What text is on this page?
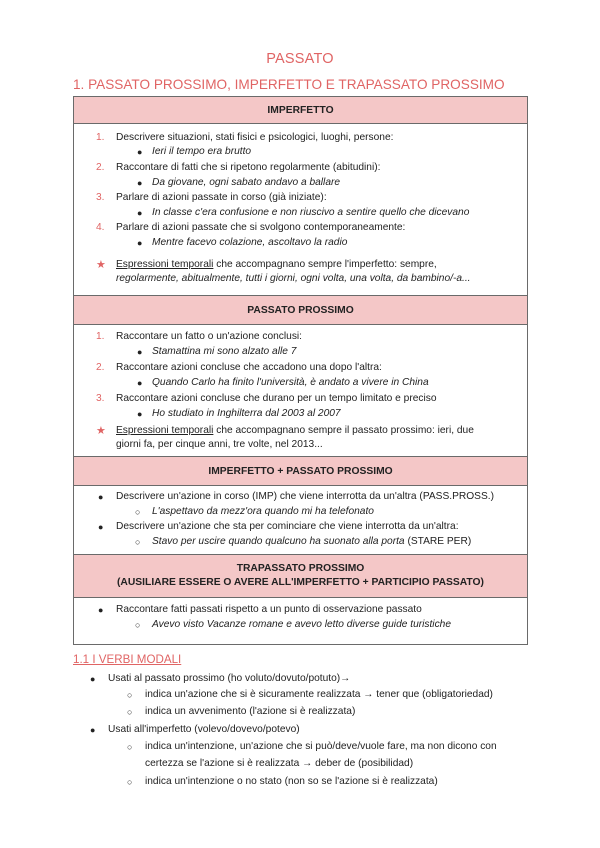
PASSATO
1. PASSATO PROSSIMO, IMPERFETTO E TRAPASSATO PROSSIMO
IMPERFETTO
1. Descrivere situazioni, stati fisici e psicologici, luoghi, persone:
● Ieri il tempo era brutto
2. Raccontare di fatti che si ripetono regolarmente (abitudini):
● Da giovane, ogni sabato andavo a ballare
3. Parlare di azioni passate in corso (già iniziate):
● In classe c'era confusione e non riuscivo a sentire quello che dicevano
4. Parlare di azioni passate che si svolgono contemporaneamente:
● Mentre facevo colazione, ascoltavo la radio
★ Espressioni temporali che accompagnano sempre l'imperfetto: sempre,
regolarmente, abitualmente, tutti i giorni, ogni volta, una volta, da bambino/-a...
PASSATO PROSSIMO
1. Raccontare un fatto o un'azione conclusi:
● Stamattina mi sono alzato alle 7
2. Raccontare azioni concluse che accadono una dopo l'altra:
● Quando Carlo ha finito l'università, è andato a vivere in China
3. Raccontare azioni concluse che durano per un tempo limitato e preciso
● Ho studiato in Inghilterra dal 2003 al 2007
★ Espressioni temporali che accompagnano sempre il passato prossimo: ieri, due
giorni fa, per cinque anni, tre volte, nel 2013...
IMPERFETTO + PASSATO PROSSIMO
● Descrivere un'azione in corso (IMP) che viene interrotta da un'altra (PASS.PROSS.)
○ L'aspettavo da mezz'ora quando mi ha telefonato
● Descrivere un'azione che sta per cominciare che viene interrotta da un'altra:
○ Stavo per uscire quando qualcuno ha suonato alla porta (STARE PER)
TRAPASSATO PROSSIMO
(AUSILIARE ESSERE O AVERE ALL'IMPERFETTO + PARTICIPIO PASSATO)
● Raccontare fatti passati rispetto a un punto di osservazione passato
○ Avevo visto Vacanze romane e avevo letto diverse guide turistiche
1.1 I VERBI MODALI
● Usati al passato prossimo (ho voluto/dovuto/potuto)→
○ indica un'azione che si è sicuramente realizzata → tener que (obligatoriedad)
○ indica un avvenimento (l'azione si è realizzata)
● Usati all'imperfetto (volevo/dovevo/potevo)
○ indica un'intenzione, un'azione che si può/deve/vuole fare, ma non dicono con
certezza se l'azione si è realizzata → deber de (posibilidad)
○ indica un'intenzione o no stato (non so se l'azione si è realizzata)
